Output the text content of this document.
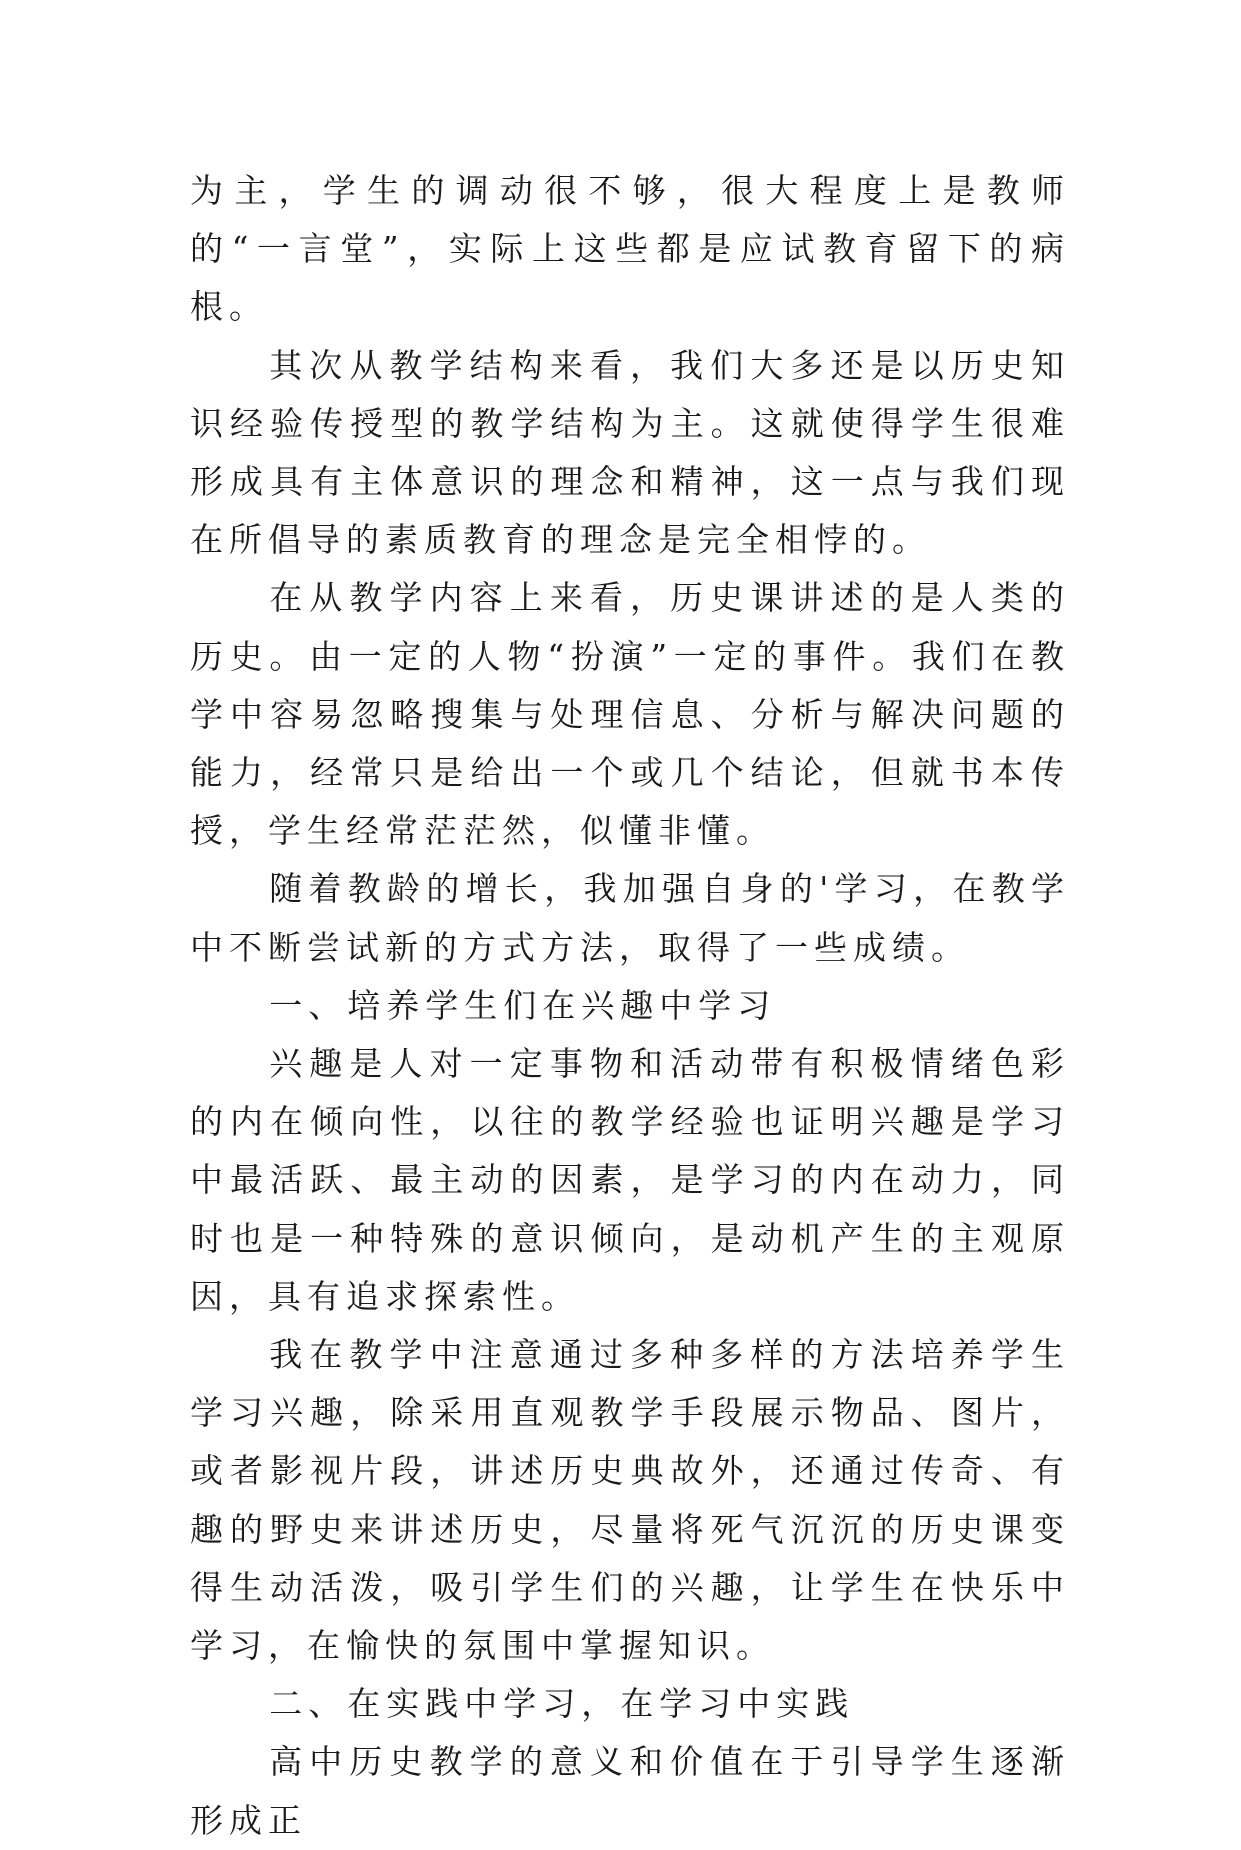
为主，学生的调动很不够，很大程度上是教师的“一言堂”，实际上这些都是应试教育留下的病根。

其次从教学结构来看，我们大多还是以历史知识经验传授型的教学结构为主。这就使得学生很难形成具有主体意识的理念和精神，这一点与我们现在所倡导的素质教育的理念是完全相悖的。

在从教学内容上来看，历史课讲述的是人类的历史。由一定的人物“扮演”一定的事件。我们在教学中容易忽略搜集与处理信息、分析与解决问题的能力，经常只是给出一个或几个结论，但就书本传授，学生经常茫茫然，似懂非懂。

随着教龄的增长，我加强自身的'学习，在教学中不断尝试新的方式方法，取得了一些成绩。

一、培养学生们在兴趣中学习

兴趣是人对一定事物和活动带有积极情绪色彩的内在倾向性，以往的教学经验也证明兴趣是学习中最活跃、最主动的因素，是学习的内在动力，同时也是一种特殊的意识倾向，是动机产生的主观原因，具有追求探索性。

我在教学中注意通过多种多样的方法培养学生学习兴趣，除采用直观教学手段展示物品、图片，或者影视片段，讲述历史典故外，还通过传奇、有趣的野史来讲述历史，尽量将死气沉沉的历史课变得生动活泼，吸引学生们的兴趣，让学生在快乐中学习，在愉快的氛围中掌握知识。

二、在实践中学习，在学习中实践

高中历史教学的意义和价值在于引导学生逐渐形成正
